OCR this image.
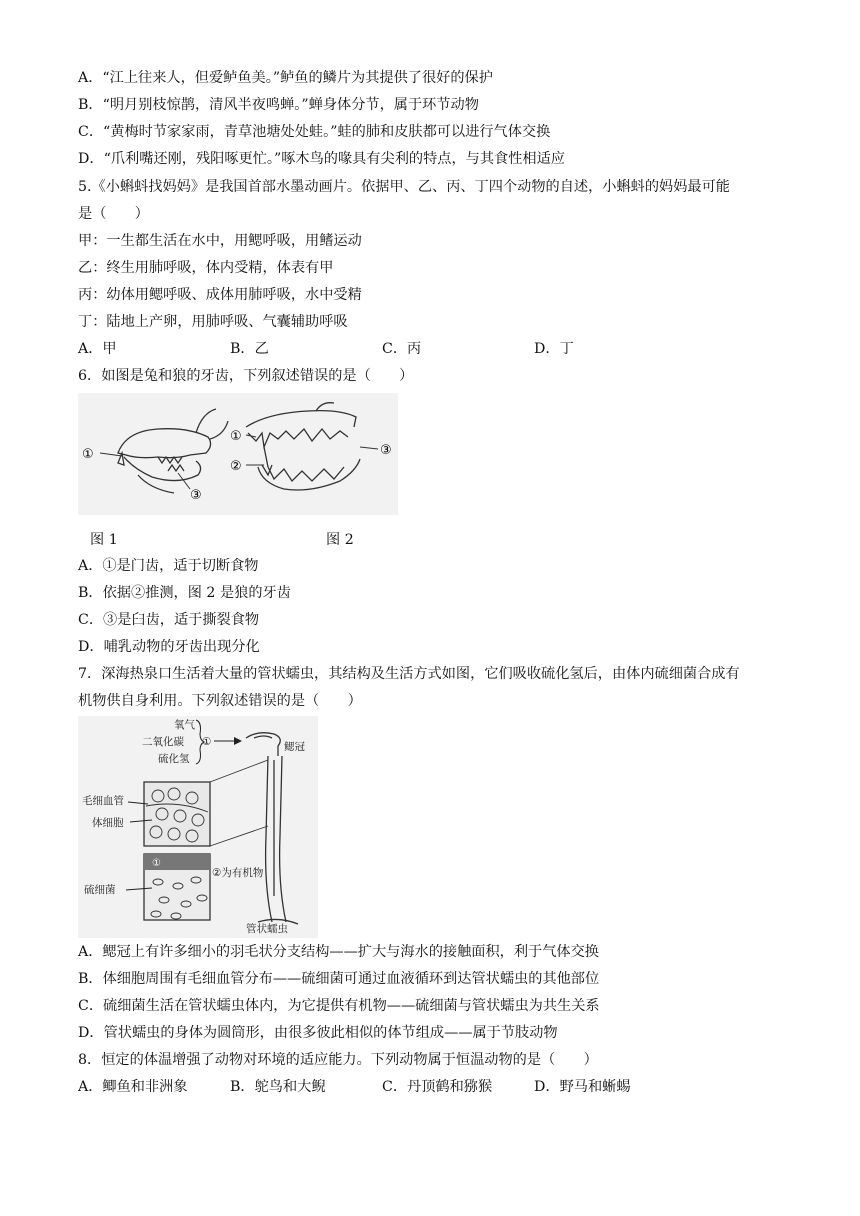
A．“江上往来人，但爱鲈鱼美。”鲈鱼的鳞片为其提供了很好的保护
B．“明月别枝惊鹊，清风半夜鸣蝉。”蝉身体分节，属于环节动物
C．“黄梅时节家家雨，青草池塘处处蛙。”蛙的肺和皮肤都可以进行气体交换
D．“爪利嘴还刚，残阳啄更忙。”啄木鸟的喙具有尖利的特点，与其食性相适应
5.《小蝌蚪找妈妈》是我国首部水墨动画片。依据甲、乙、丙、丁四个动物的自述，小蝌蚪的妈妈最可能
是（　　）
甲：一生都生活在水中，用鳃呼吸，用鳍运动
乙：终生用肺呼吸，体内受精，体表有甲
丙：幼体用鳃呼吸、成体用肺呼吸，水中受精
丁：陆地上产卵，用肺呼吸、气囊辅助呼吸
A．甲	B．乙	C．丙	D．丁
6．如图是兔和狼的牙齿，下列叙述错误的是（　　）
①
③
①
②
③
图 1	图 2
A．①是门齿，适于切断食物
B．依据②推测，图 2 是狼的牙齿
C．③是臼齿，适于撕裂食物
D．哺乳动物的牙齿出现分化
7．深海热泉口生活着大量的管状蠕虫，其结构及生活方式如图，它们吸收硫化氢后，由体内硫细菌合成有
机物供自身利用。下列叙述错误的是（　　）
氧气
二氧化碳
硫化氢
①	鳃冠
毛细血管
体细胞
②为有机物
硫细菌
管状蠕虫
①
A．鳃冠上有许多细小的羽毛状分支结构——扩大与海水的接触面积，利于气体交换
B．体细胞周围有毛细血管分布——硫细菌可通过血液循环到达管状蠕虫的其他部位
C．硫细菌生活在管状蠕虫体内，为它提供有机物——硫细菌与管状蠕虫为共生关系
D．管状蠕虫的身体为圆筒形，由很多彼此相似的体节组成——属于节肢动物
8．恒定的体温增强了动物对环境的适应能力。下列动物属于恒温动物的是（　　）
A．鲫鱼和非洲象	B．鸵鸟和大鲵	C．丹顶鹤和猕猴	D．野马和蜥蜴
